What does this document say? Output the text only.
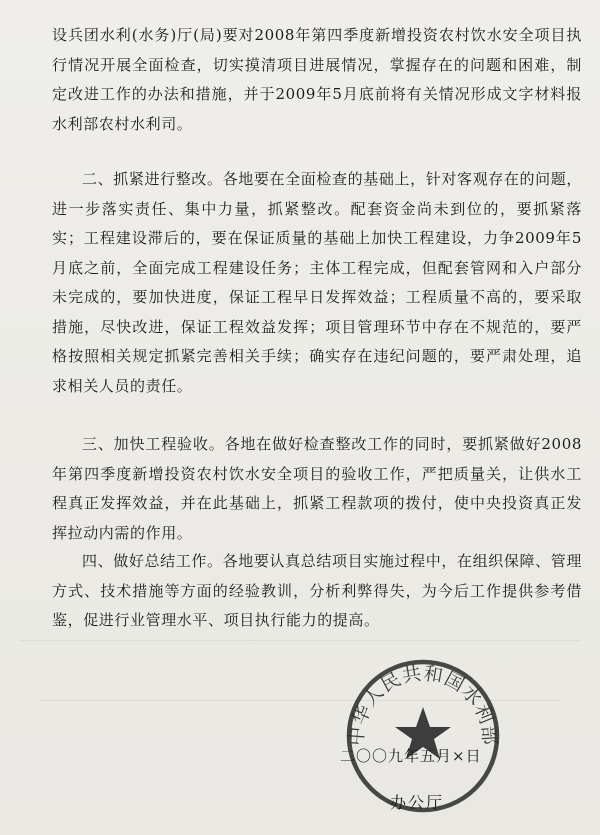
设兵团水利(水务)厅(局)要对2008年第四季度新增投资农村饮水安全项目执行情况开展全面检查，切实摸清项目进展情况，掌握存在的问题和困难，制定改进工作的办法和措施，并于2009年5月底前将有关情况形成文字材料报水利部农村水利司。

二、抓紧进行整改。各地要在全面检查的基础上，针对客观存在的问题，进一步落实责任、集中力量，抓紧整改。配套资金尚未到位的，要抓紧落实；工程建设滞后的，要在保证质量的基础上加快工程建设，力争2009年5月底之前，全面完成工程建设任务；主体工程完成，但配套管网和入户部分未完成的，要加快进度，保证工程早日发挥效益；工程质量不高的，要采取措施，尽快改进，保证工程效益发挥；项目管理环节中存在不规范的，要严格按照相关规定抓紧完善相关手续；确实存在违纪问题的，要严肃处理，追求相关人员的责任。

三、加快工程验收。各地在做好检查整改工作的同时，要抓紧做好2008年第四季度新增投资农村饮水安全项目的验收工作，严把质量关，让供水工程真正发挥效益，并在此基础上，抓紧工程款项的拨付，使中央投资真正发挥拉动内需的作用。

四、做好总结工作。各地要认真总结项目实施过程中，在组织保障、管理方式、技术措施等方面的经验教训，分析利弊得失，为今后工作提供参考借鉴，促进行业管理水平、项目执行能力的提高。

中华人民共和国水利部
二〇〇九年五月×日
办公厅
